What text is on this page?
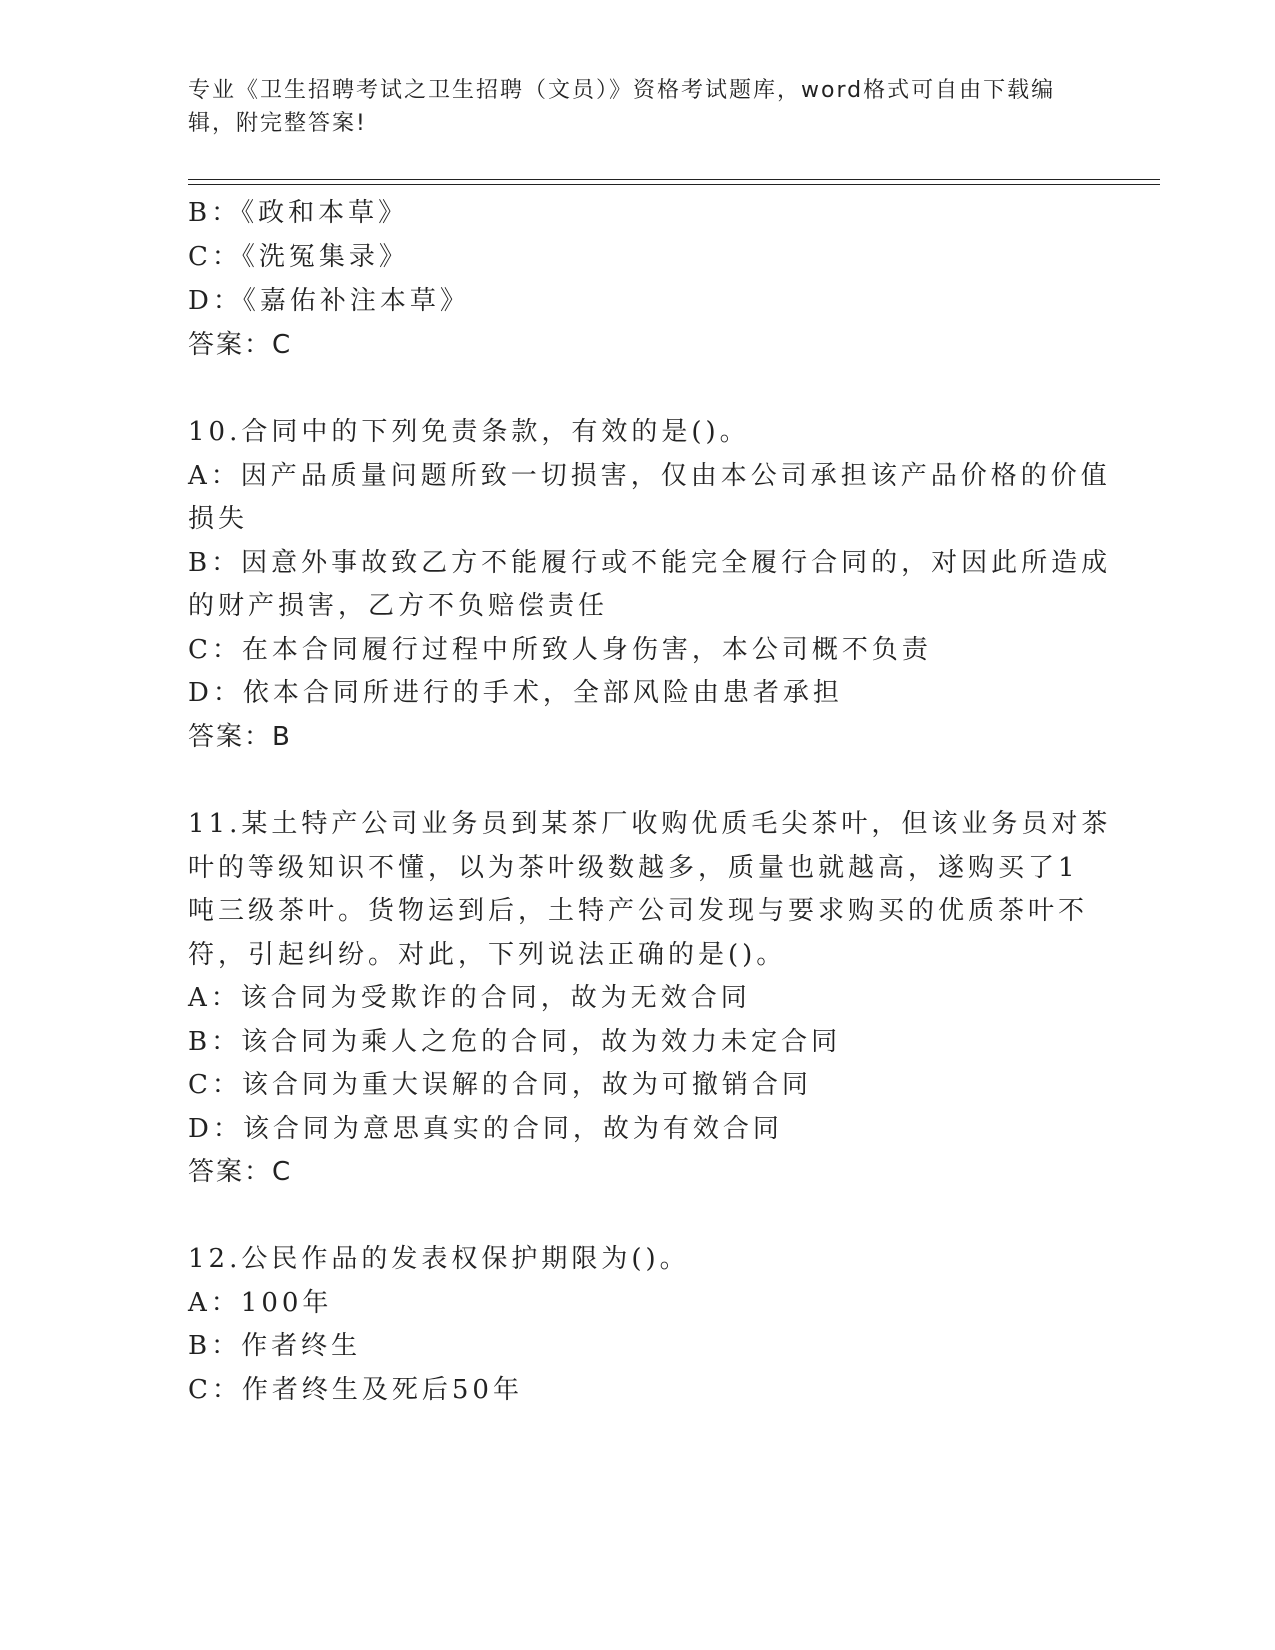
专业《卫生招聘考试之卫生招聘（文员）》资格考试题库，word格式可自由下载编辑，附完整答案!
B：《政和本草》
C：《洗冤集录》
D：《嘉佑补注本草》
答案：C
10.合同中的下列免责条款，有效的是()。
A：因产品质量问题所致一切损害，仅由本公司承担该产品价格的价值
损失
B：因意外事故致乙方不能履行或不能完全履行合同的，对因此所造成
的财产损害，乙方不负赔偿责任
C：在本合同履行过程中所致人身伤害，本公司概不负责
D：依本合同所进行的手术，全部风险由患者承担
答案：B
11.某土特产公司业务员到某茶厂收购优质毛尖茶叶，但该业务员对茶
叶的等级知识不懂，以为茶叶级数越多，质量也就越高，遂购买了1
吨三级茶叶。货物运到后，土特产公司发现与要求购买的优质茶叶不
符，引起纠纷。对此，下列说法正确的是()。
A：该合同为受欺诈的合同，故为无效合同
B：该合同为乘人之危的合同，故为效力未定合同
C：该合同为重大误解的合同，故为可撤销合同
D：该合同为意思真实的合同，故为有效合同
答案：C
12.公民作品的发表权保护期限为()。
A：100年
B：作者终生
C：作者终生及死后50年
